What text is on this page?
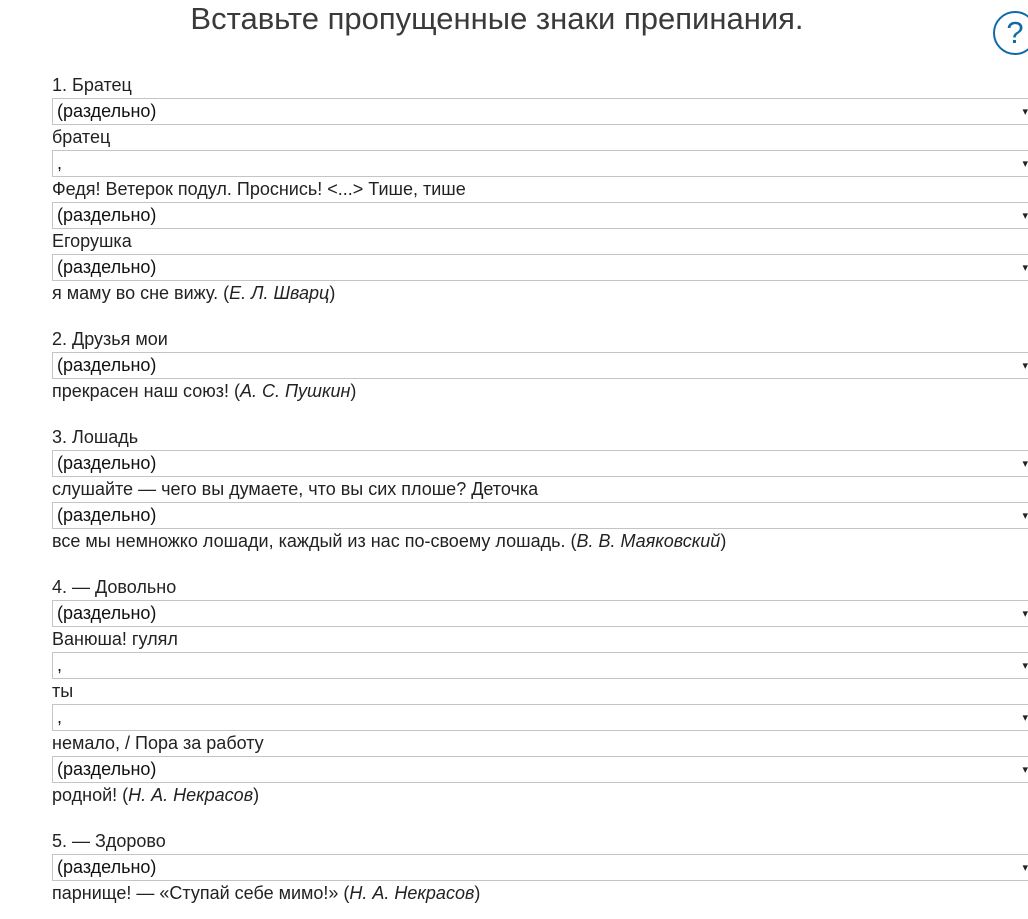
Вставьте пропущенные знаки препинания.	?
1. Братец
(раздельно)	▾
братец
,	▾
Федя! Ветерок подул. Проснись! <...> Тише, тише
(раздельно)	▾
Егорушка
(раздельно)	▾
я маму во сне вижу. (Е. Л. Шварц)
2. Друзья мои
(раздельно)	▾
прекрасен наш союз! (А. С. Пушкин)
3. Лошадь
(раздельно)	▾
слушайте — чего вы думаете, что вы сих плоше? Деточка
(раздельно)	▾
все мы немножко лошади, каждый из нас по-своему лошадь. (В. В. Маяковский)
4. — Довольно
(раздельно)	▾
Ванюша! гулял
,	▾
ты
,	▾
немало, / Пора за работу
(раздельно)	▾
родной! (Н. А. Некрасов)
5. — Здорово
(раздельно)	▾
парнище! — «Ступай себе мимо!» (Н. А. Некрасов)
